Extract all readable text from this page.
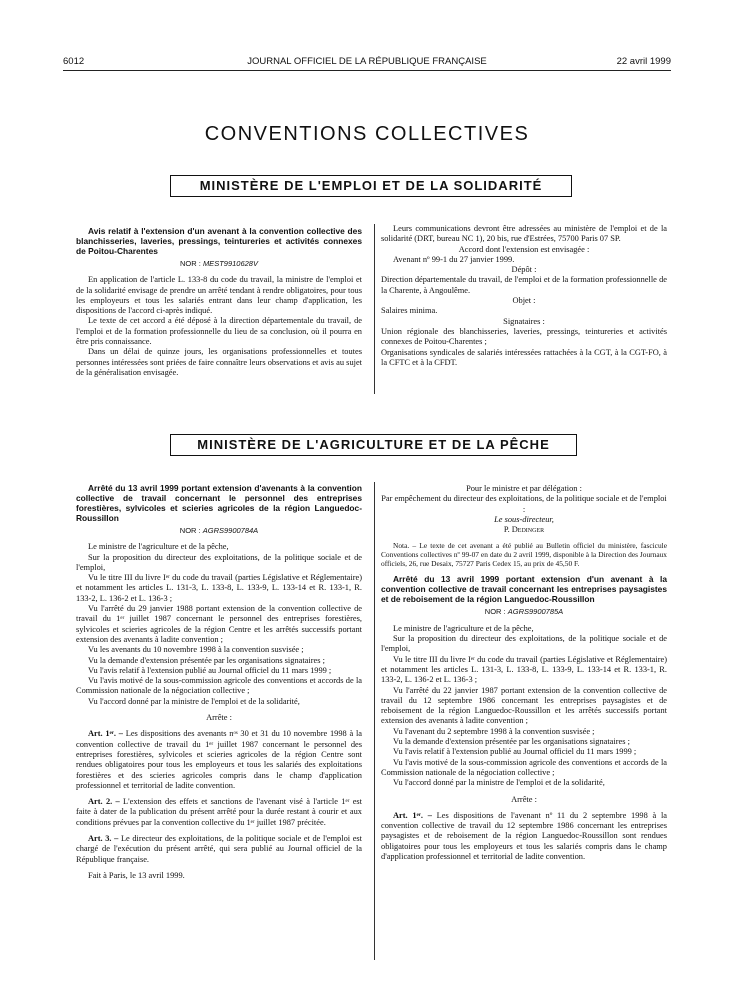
6012	JOURNAL OFFICIEL DE LA RÉPUBLIQUE FRANÇAISE	22 avril 1999
CONVENTIONS COLLECTIVES
MINISTÈRE DE L'EMPLOI ET DE LA SOLIDARITÉ

Avis relatif à l'extension d'un avenant à la convention collective des blanchisseries, laveries, pressings, teintureries et activités connexes de Poitou-Charentes

NOR : MEST9910628V

En application de l'article L. 133-8 du code du travail, la ministre de l'emploi et de la solidarité envisage de prendre un arrêté tendant à rendre obligatoires, pour tous les employeurs et tous les salariés entrant dans leur champ d'application, les dispositions de l'accord ci-après indiqué.

Le texte de cet accord a été déposé à la direction départementale du travail, de l'emploi et de la formation professionnelle du lieu de sa conclusion, où il pourra en être pris connaissance.

Dans un délai de quinze jours, les organisations professionnelles et toutes personnes intéressées sont priées de faire connaître leurs observations et avis au sujet de la généralisation envisagée.

Leurs communications devront être adressées au ministère de l'emploi et de la solidarité (DRT, bureau NC 1), 20 bis, rue d'Estrées, 75700 Paris 07 SP.

Accord dont l'extension est envisagée :

Avenant nº 99-1 du 27 janvier 1999.

Dépôt :

Direction départementale du travail, de l'emploi et de la formation professionnelle de la Charente, à Angoulême.

Objet :

Salaires minima.

Signataires :

Union régionale des blanchisseries, laveries, pressings, teintureries et activités connexes de Poitou-Charentes ;

Organisations syndicales de salariés intéressées rattachées à la CGT, à la CGT-FO, à la CFTC et à la CFDT.

MINISTÈRE DE L'AGRICULTURE ET DE LA PÊCHE

Arrêté du 13 avril 1999 portant extension d'avenants à la convention collective de travail concernant le personnel des entreprises forestières, sylvicoles et scieries agricoles de la région Languedoc-Roussillon

NOR : AGRS9900784A

Le ministre de l'agriculture et de la pêche,

Sur la proposition du directeur des exploitations, de la politique sociale et de l'emploi,

Vu le titre III du livre Iᵉʳ du code du travail (parties Législative et Réglementaire) et notamment les articles L. 131-3, L. 133-8, L. 133-9, L. 133-14 et R. 133-1, R. 133-2, L. 136-2 et L. 136-3 ;

Vu l'arrêté du 29 janvier 1988 portant extension de la convention collective de travail du 1ᵉʳ juillet 1987 concernant le personnel des entreprises forestières, sylvicoles et scieries agricoles de la région Centre et les arrêtés successifs portant extension des avenants à ladite convention ;

Vu les avenants du 10 novembre 1998 à la convention susvisée ;

Vu la demande d'extension présentée par les organisations signataires ;

Vu l'avis relatif à l'extension publié au Journal officiel du 11 mars 1999 ;

Vu l'avis motivé de la sous-commission agricole des conventions et accords de la Commission nationale de la négociation collective ;

Vu l'accord donné par la ministre de l'emploi et de la solidarité,

Arrête :

Art. 1ᵉʳ. – Les dispositions des avenants nᵒˢ 30 et 31 du 10 novembre 1998 à la convention collective de travail du 1ᵉʳ juillet 1987 concernant le personnel des entreprises forestières, sylvicoles et scieries agricoles de la région Centre sont rendues obligatoires pour tous les employeurs et tous les salariés des exploitations forestières et des scieries agricoles compris dans le champ d'application professionnel et territorial de ladite convention.

Art. 2. – L'extension des effets et sanctions de l'avenant visé à l'article 1ᵉʳ est faite à dater de la publication du présent arrêté pour la durée restant à courir et aux conditions prévues par la convention collective du 1ᵉʳ juillet 1987 précitée.

Art. 3. – Le directeur des exploitations, de la politique sociale et de l'emploi est chargé de l'exécution du présent arrêté, qui sera publié au Journal officiel de la République française.

Fait à Paris, le 13 avril 1999.

Pour le ministre et par délégation :

Par empêchement du directeur des exploitations, de la politique sociale et de l'emploi :

Le sous-directeur,

P. Dedinger

Nota. – Le texte de cet avenant a été publié au Bulletin officiel du ministère, fascicule Conventions collectives nº 99-07 en date du 2 avril 1999, disponible à la Direction des Journaux officiels, 26, rue Desaix, 75727 Paris Cedex 15, au prix de 45,50 F.

Arrêté du 13 avril 1999 portant extension d'un avenant à la convention collective de travail concernant les entreprises paysagistes et de reboisement de la région Languedoc-Roussillon

NOR : AGRS9900785A

Le ministre de l'agriculture et de la pêche,

Sur la proposition du directeur des exploitations, de la politique sociale et de l'emploi,

Vu le titre III du livre Iᵉʳ du code du travail (parties Législative et Réglementaire) et notamment les articles L. 131-3, L. 133-8, L. 133-9, L. 133-14 et R. 133-1, R. 133-2, L. 136-2 et L. 136-3 ;

Vu l'arrêté du 22 janvier 1987 portant extension de la convention collective de travail du 12 septembre 1986 concernant les entreprises paysagistes et de reboisement de la région Languedoc-Roussillon et les arrêtés successifs portant extension des avenants à ladite convention ;

Vu l'avenant du 2 septembre 1998 à la convention susvisée ;

Vu la demande d'extension présentée par les organisations signataires ;

Vu l'avis relatif à l'extension publié au Journal officiel du 11 mars 1999 ;

Vu l'avis motivé de la sous-commission agricole des conventions et accords de la Commission nationale de la négociation collective ;

Vu l'accord donné par la ministre de l'emploi et de la solidarité,

Arrête :

Art. 1ᵉʳ. – Les dispositions de l'avenant nº 11 du 2 septembre 1998 à la convention collective de travail du 12 septembre 1986 concernant les entreprises paysagistes et de reboisement de la région Languedoc-Roussillon sont rendues obligatoires pour tous les employeurs et tous les salariés compris dans le champ d'application professionnel et territorial de ladite convention.
